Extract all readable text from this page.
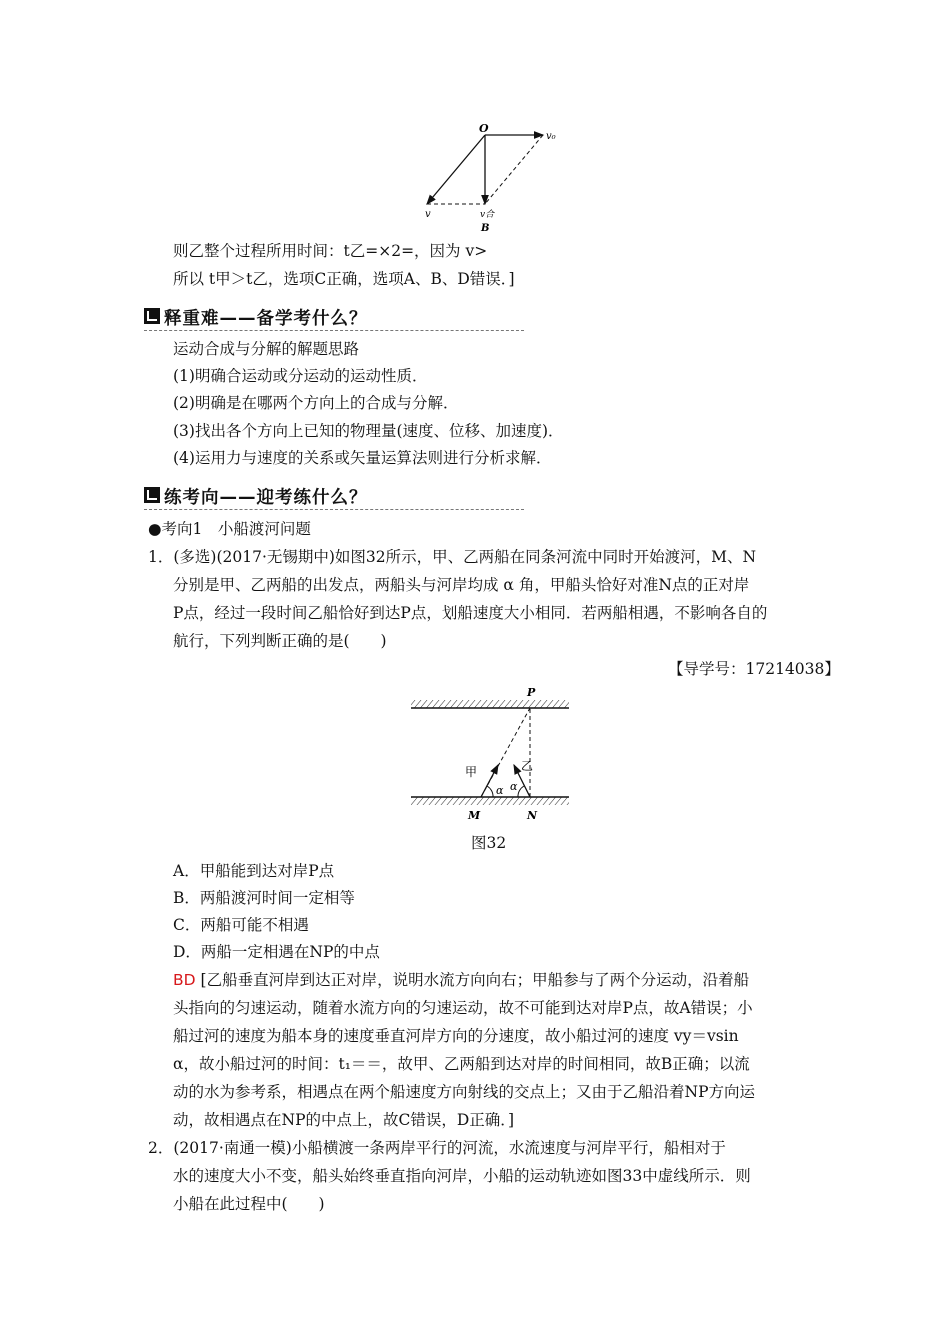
O
v₀
v	v合
B
则乙整个过程所用时间：t乙=×2=，因为 v>
所以 t甲＞t乙，选项C正确，选项A、B、D错误．]
释重难——备学考什么？
运动合成与分解的解题思路
(1)明确合运动或分运动的运动性质．
(2)明确是在哪两个方向上的合成与分解．
(3)找出各个方向上已知的物理量(速度、位移、加速度)．
(4)运用力与速度的关系或矢量运算法则进行分析求解．
练考向——迎考练什么？
●考向1　小船渡河问题
1．(多选)(2017·无锡期中)如图32所示，甲、乙两船在同条河流中同时开始渡河，M、N
分别是甲、乙两船的出发点，两船头与河岸均成 α 角，甲船头恰好对准N点的正对岸
P点，经过一段时间乙船恰好到达P点，划船速度大小相同．若两船相遇，不影响各自的
航行，下列判断正确的是(　　)
【导学号：17214038】
P
甲	乙
α α
M	N
图32
A．甲船能到达对岸P点
B．两船渡河时间一定相等
C．两船可能不相遇
D．两船一定相遇在NP的中点
BD [乙船垂直河岸到达正对岸，说明水流方向向右；甲船参与了两个分运动，沿着船
头指向的匀速运动，随着水流方向的匀速运动，故不可能到达对岸P点，故A错误；小
船过河的速度为船本身的速度垂直河岸方向的分速度，故小船过河的速度 vy＝vsin
α，故小船过河的时间：t₁＝＝，故甲、乙两船到达对岸的时间相同，故B正确；以流
动的水为参考系，相遇点在两个船速度方向射线的交点上；又由于乙船沿着NP方向运
动，故相遇点在NP的中点上，故C错误，D正确．]
2．(2017·南通一模)小船横渡一条两岸平行的河流，水流速度与河岸平行，船相对于
水的速度大小不变，船头始终垂直指向河岸，小船的运动轨迹如图33中虚线所示．则
小船在此过程中(　　)
